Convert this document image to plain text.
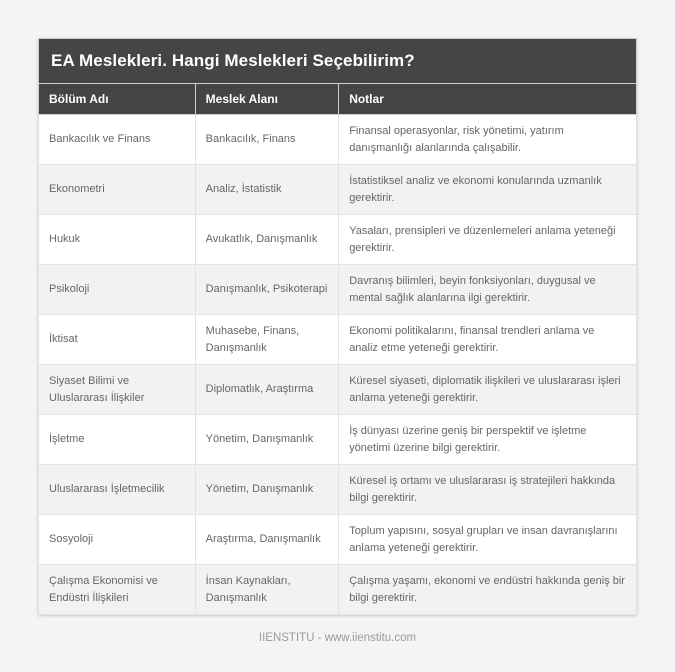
EA Meslekleri. Hangi Meslekleri Seçebilirim?		
Bölüm Adı	Meslek Alanı	Notlar
Bankacılık ve Finans	Bankacılık, Finans	Finansal operasyonlar, risk yönetimi, yatırım danışmanlığı alanlarında çalışabilir.
Ekonometri	Analiz, İstatistik	İstatistiksel analiz ve ekonomi konularında uzmanlık gerektirir.
Hukuk	Avukatlık, Danışmanlık	Yasaları, prensipleri ve düzenlemeleri anlama yeteneği gerektirir.
Psikoloji	Danışmanlık, Psikoterapi	Davranış bilimleri, beyin fonksiyonları, duygusal ve mental sağlık alanlarına ilgi gerektirir.
İktisat	Muhasebe, Finans, Danışmanlık	Ekonomi politikalarını, finansal trendleri anlama ve analiz etme yeteneği gerektirir.
Siyaset Bilimi ve Uluslararası İlişkiler	Diplomatlık, Araştırma	Küresel siyaseti, diplomatik ilişkileri ve uluslararası işleri anlama yeteneği gerektirir.
İşletme	Yönetim, Danışmanlık	İş dünyası üzerine geniş bir perspektif ve işletme yönetimi üzerine bilgi gerektirir.
Uluslararası İşletmecilik	Yönetim, Danışmanlık	Küresel iş ortamı ve uluslararası iş stratejileri hakkında bilgi gerektirir.
Sosyoloji	Araştırma, Danışmanlık	Toplum yapısını, sosyal grupları ve insan davranışlarını anlama yeteneği gerektirir.
Çalışma Ekonomisi ve Endüstri İlişkileri	İnsan Kaynakları, Danışmanlık	Çalışma yaşamı, ekonomi ve endüstri hakkında geniş bir bilgi gerektirir.
IIENSTITU - www.iienstitu.com
